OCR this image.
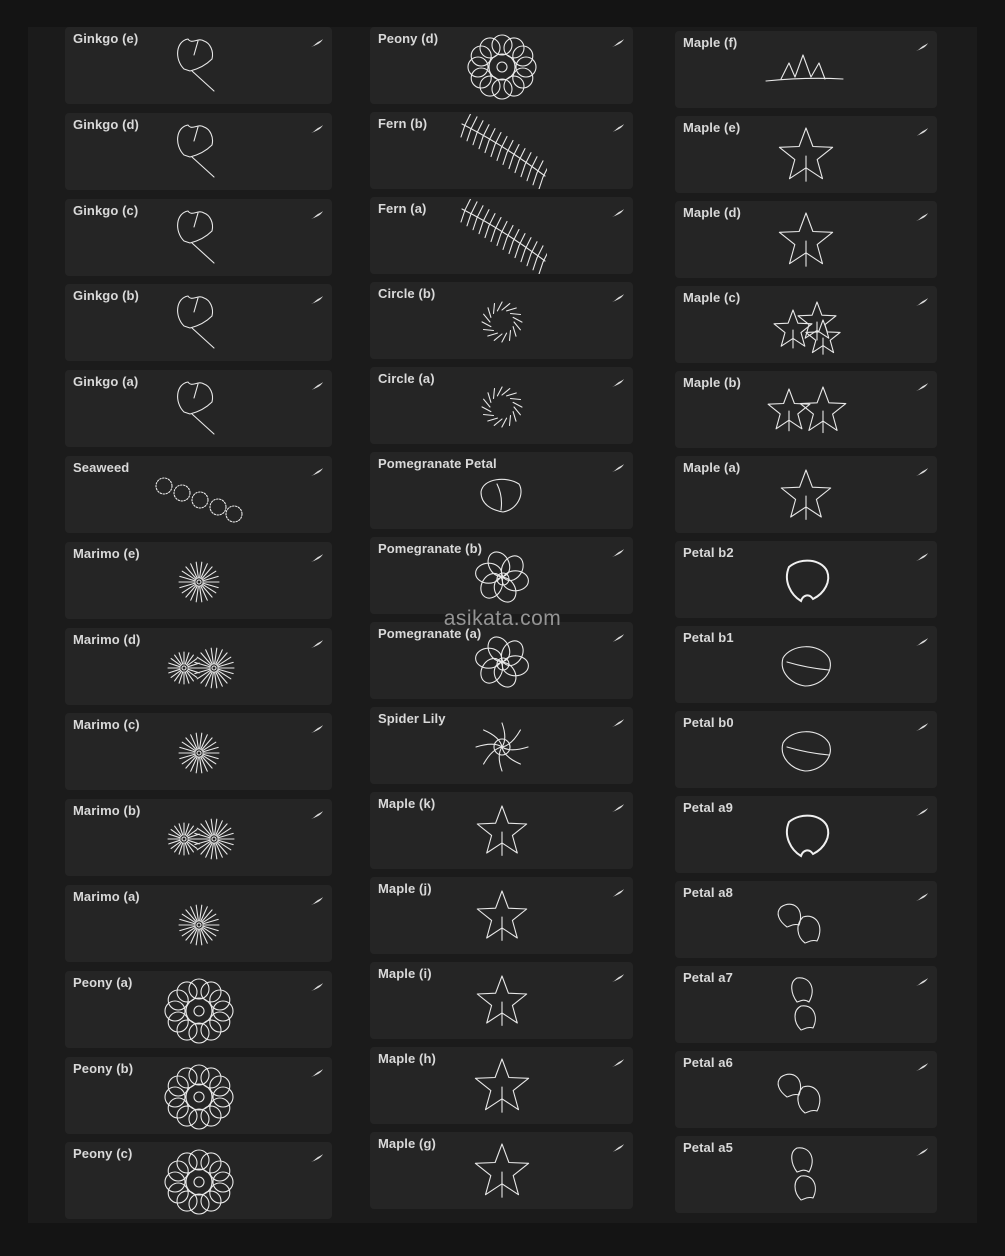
Ginkgo (e)
Ginkgo (d)
Ginkgo (c)
Ginkgo (b)
Ginkgo (a)
Seaweed
Marimo (e)
Marimo (d)
Marimo (c)
Marimo (b)
Marimo (a)
Peony (a)
Peony (b)
Peony (c)
Peony (d)
Fern (b)
Fern (a)
Circle (b)
Circle (a)
Pomegranate Petal
Pomegranate (b)
Pomegranate (a)
Spider Lily
Maple (k)
Maple (j)
Maple (i)
Maple (h)
Maple (g)
Maple (f)
Maple (e)
Maple (d)
Maple (c)
Maple (b)
Maple (a)
Petal b2
Petal b1
Petal b0
Petal a9
Petal a8
Petal a7
Petal a6
Petal a5
asikata.com
